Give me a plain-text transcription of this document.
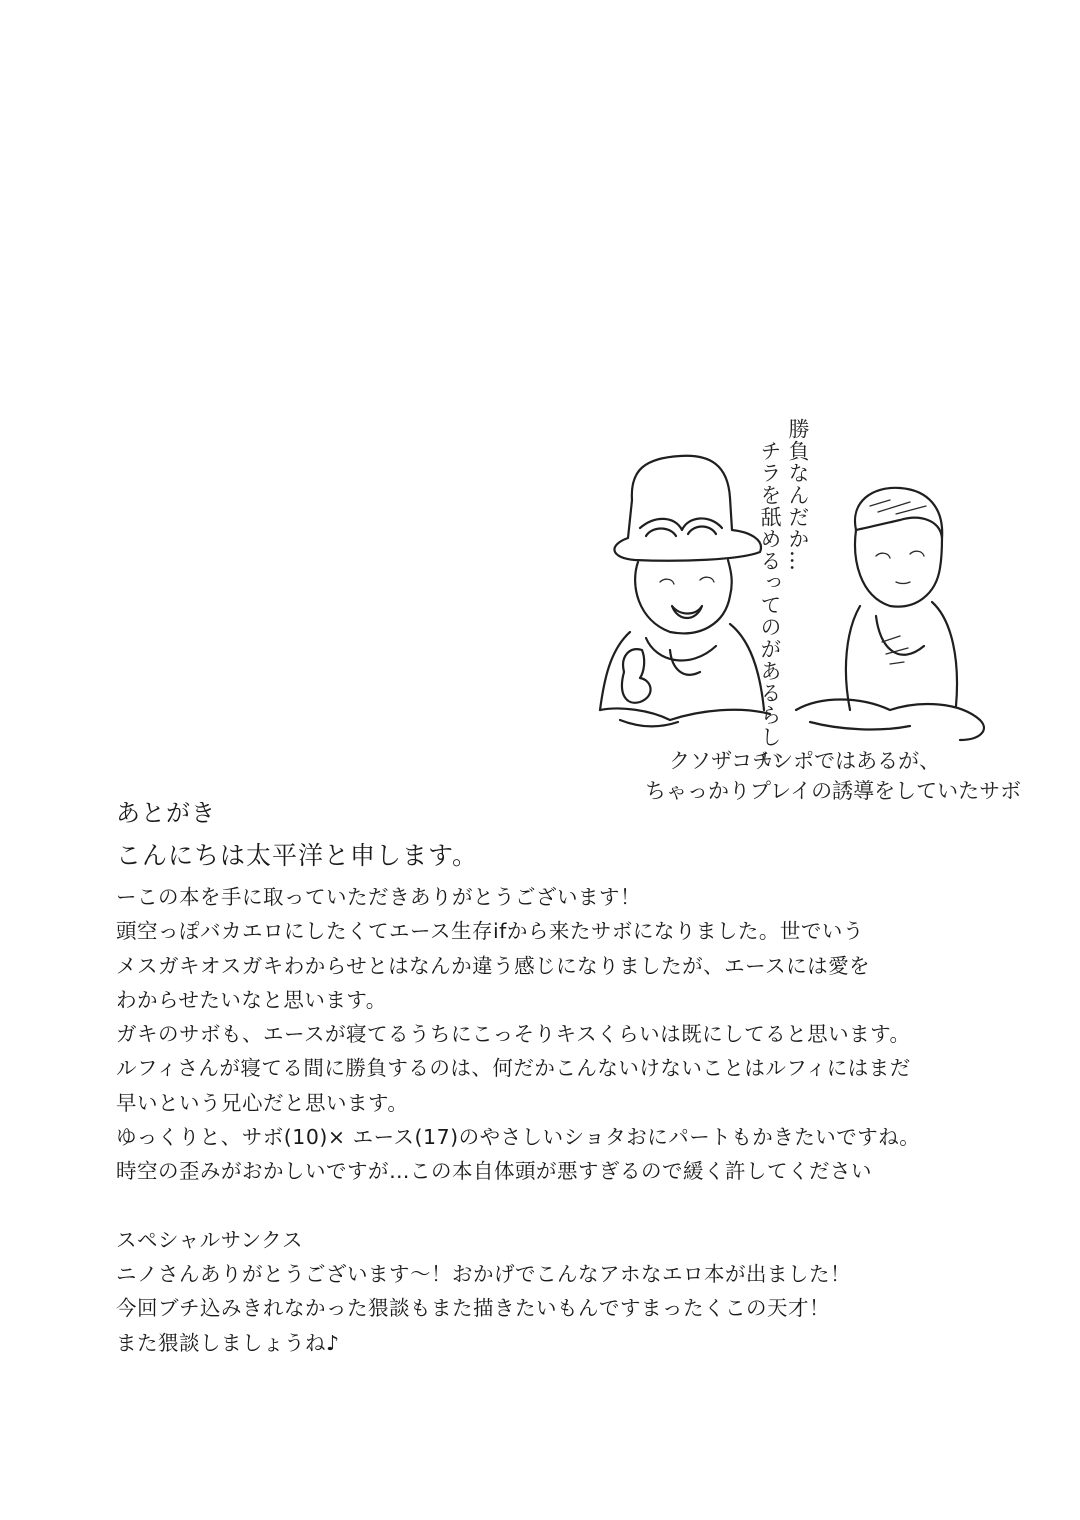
勝負なんだか…
チラを舐めるってのがあるらしい
クソザコチンポではあるが、
ちゃっかりプレイの誘導をしていたサボ
あとがき
こんにちは太平洋と申します。

ーこの本を手に取っていただきありがとうございます！

頭空っぽバカエロにしたくてエース生存ifから来たサボになりました。世でいう

メスガキオスガキわからせとはなんか違う感じになりましたが、エースには愛を

わからせたいなと思います。

ガキのサボも、エースが寝てるうちにこっそりキスくらいは既にしてると思います。

ルフィさんが寝てる間に勝負するのは、何だかこんないけないことはルフィにはまだ

早いという兄心だと思います。

ゆっくりと、サボ(10)× エース(17)のやさしいショタおにパートもかきたいですね。

時空の歪みがおかしいですが…この本自体頭が悪すぎるので緩く許してください

スペシャルサンクス

ニノさんありがとうございます～！おかげでこんなアホなエロ本が出ました！

今回ブチ込みきれなかった猥談もまた描きたいもんですまったくこの天才！

また猥談しましょうね♪
